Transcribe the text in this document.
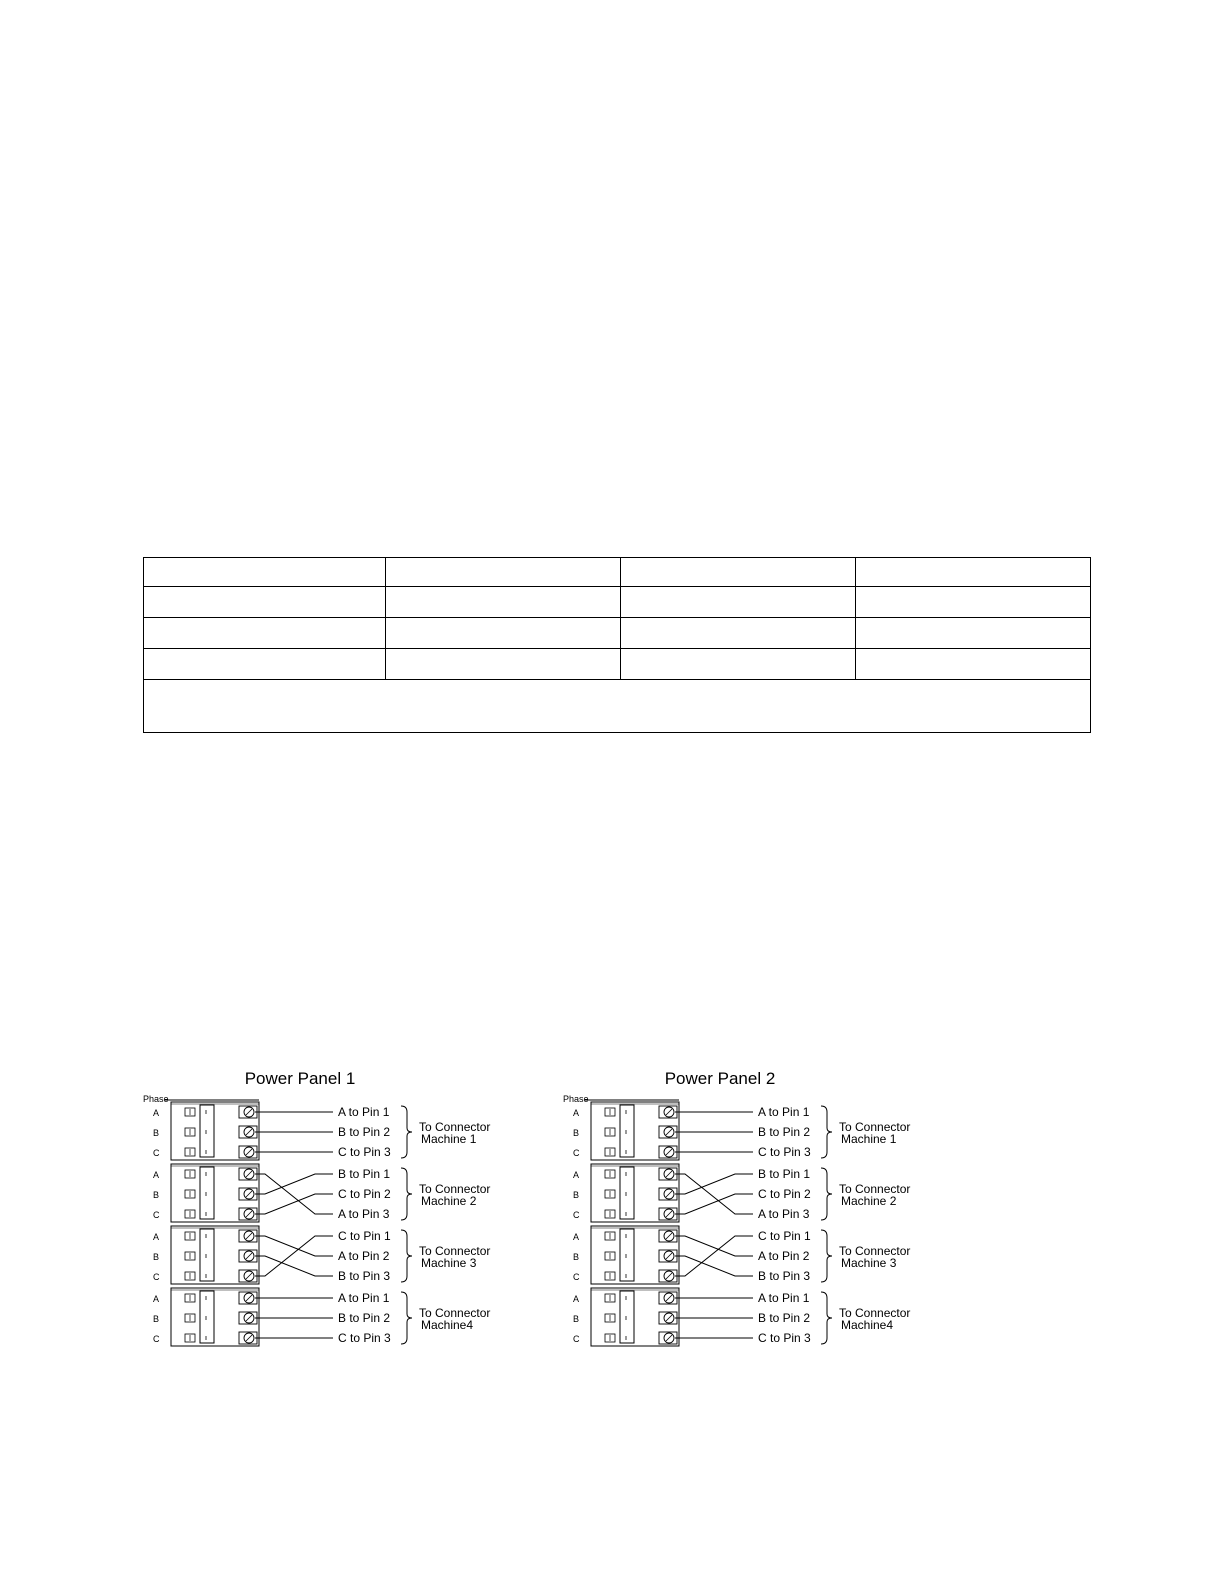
Power Panel 1
Phase
A
B
C
A to Pin 1
B to Pin 2
C to Pin 3
To Connector
Machine 1
A
B
C
B to Pin 1
C to Pin 2
A to Pin 3
To Connector
Machine 2
A
B
C
C to Pin 1
A to Pin 2
B to Pin 3
To Connector
Machine 3
A
B
C
A to Pin 1
B to Pin 2
C to Pin 3
To Connector
Machine4
Power Panel 2
Phase
A
B
C
A to Pin 1
B to Pin 2
C to Pin 3
To Connector
Machine 1
A
B
C
B to Pin 1
C to Pin 2
A to Pin 3
To Connector
Machine 2
A
B
C
C to Pin 1
A to Pin 2
B to Pin 3
To Connector
Machine 3
A
B
C
A to Pin 1
B to Pin 2
C to Pin 3
To Connector
Machine4
